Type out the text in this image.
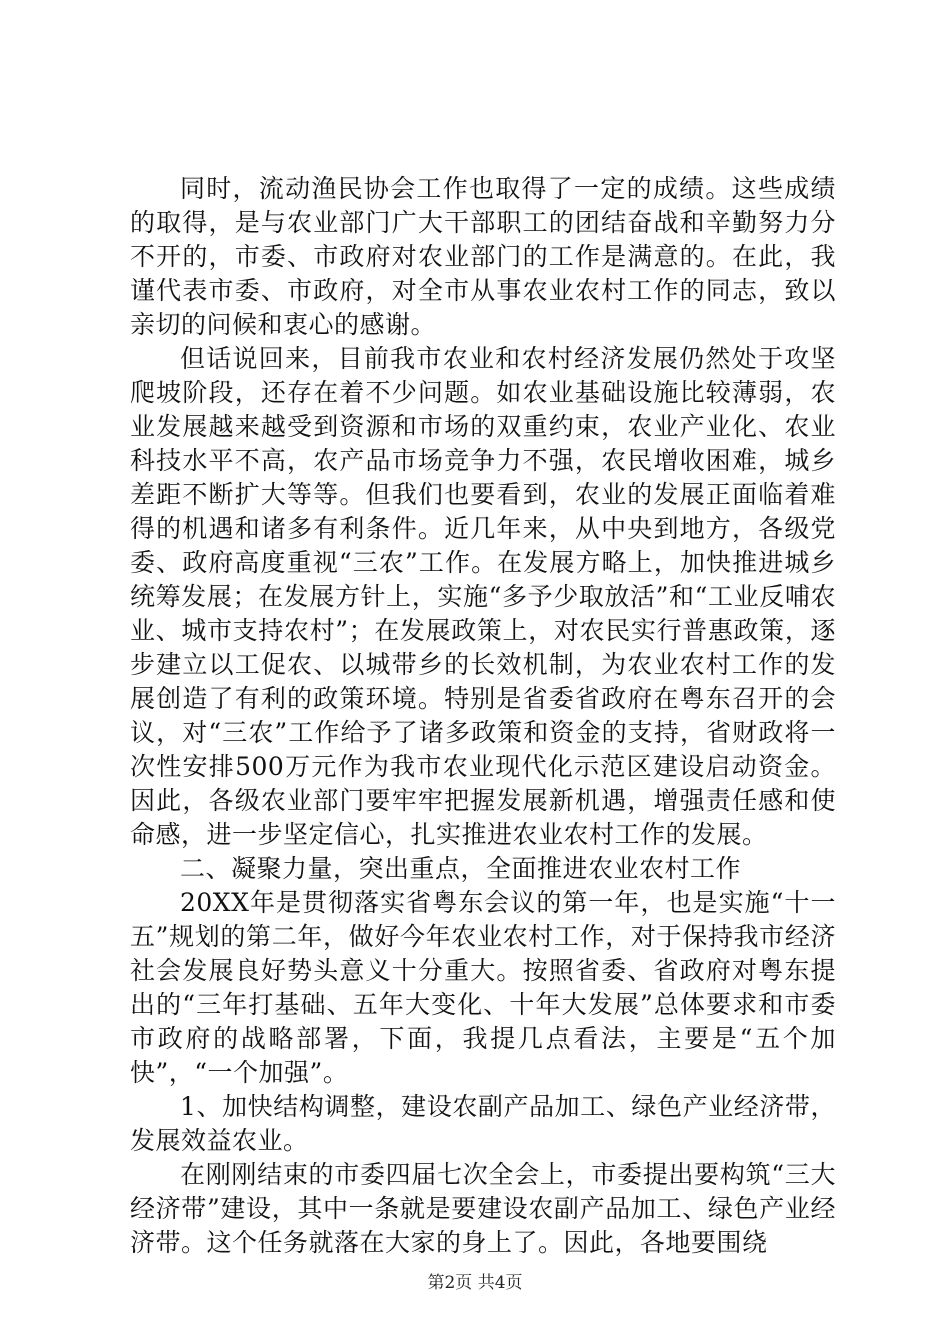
同时，流动渔民协会工作也取得了一定的成绩。这些成绩的取得，是与农业部门广大干部职工的团结奋战和辛勤努力分不开的，市委、市政府对农业部门的工作是满意的。在此，我谨代表市委、市政府，对全市从事农业农村工作的同志，致以亲切的问候和衷心的感谢。

但话说回来，目前我市农业和农村经济发展仍然处于攻坚爬坡阶段，还存在着不少问题。如农业基础设施比较薄弱，农业发展越来越受到资源和市场的双重约束，农业产业化、农业科技水平不高，农产品市场竞争力不强，农民增收困难，城乡差距不断扩大等等。但我们也要看到，农业的发展正面临着难得的机遇和诸多有利条件。近几年来，从中央到地方，各级党委、政府高度重视“三农”工作。在发展方略上，加快推进城乡统筹发展；在发展方针上，实施“多予少取放活”和“工业反哺农业、城市支持农村”；在发展政策上，对农民实行普惠政策，逐步建立以工促农、以城带乡的长效机制，为农业农村工作的发展创造了有利的政策环境。特别是省委省政府在粤东召开的会议，对“三农”工作给予了诸多政策和资金的支持，省财政将一次性安排500万元作为我市农业现代化示范区建设启动资金。因此，各级农业部门要牢牢把握发展新机遇，增强责任感和使命感，进一步坚定信心，扎实推进农业农村工作的发展。

二、凝聚力量，突出重点，全面推进农业农村工作

20XX年是贯彻落实省粤东会议的第一年，也是实施“十一五”规划的第二年，做好今年农业农村工作，对于保持我市经济社会发展良好势头意义十分重大。按照省委、省政府对粤东提出的“三年打基础、五年大变化、十年大发展”总体要求和市委市政府的战略部署，下面，我提几点看法，主要是“五个加快”，“一个加强”。

1、加快结构调整，建设农副产品加工、绿色产业经济带，发展效益农业。

在刚刚结束的市委四届七次全会上，市委提出要构筑“三大经济带”建设，其中一条就是要建设农副产品加工、绿色产业经济带。这个任务就落在大家的身上了。因此，各地要围绕

第2页 共4页
